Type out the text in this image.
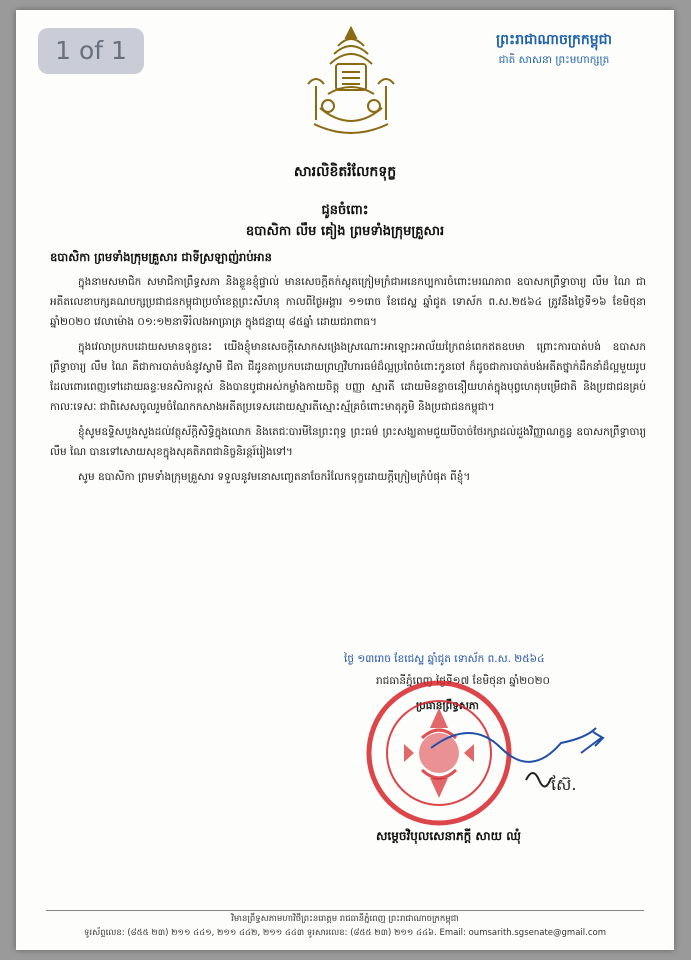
1 of 1	ព្រះរាជាណាចក្រកម្ពុជា
ជាតិ សាសនា ព្រះមហាក្សត្រ
សារលិខិតរំលែកទុក្ខ
ជូនចំពោះ
ឧបាសិកា លឹម គៀង ព្រមទាំងក្រុមគ្រួសារ
ឧបាសិកា ព្រមទាំងក្រុមគ្រួសារ ជាទីស្រឡាញ់រាប់អាន

ក្នុងនាមសមាជិក សមាជិកាព្រឹទ្ធសភា និងខ្លួនខ្ញុំផ្ទាល់ មានសេចក្ដីតក់ស្លុតក្រៀមក្រំជាអនេកប្បការចំពោះមរណភាព ឧបាសកព្រឹទ្ធាចារ្យ លឹម ណៃ ជាអតីតលេខាបក្សគណបក្សប្រជាជនកម្ពុជាប្រចាំខេត្តព្រះសីហនុ កាលពីថ្ងៃអង្គារ ១១រោច ខែជេស្ឋ ឆ្នាំជូត ទោស័ក ព.ស.២៥៦៤ ត្រូវនឹងថ្ងៃទី១៦ ខែមិថុនា ឆ្នាំ២០២០ វេលាម៉ោង ០១:១២នាទីរំលងអាធ្រាត្រ ក្នុងជន្មាយុ ៨៥ឆ្នាំ ដោយជរាពាធ។

ក្នុងវេលាប្រកបដោយសមានទុក្ខនេះ យើងខ្ញុំមានសេចក្ដីសោកសង្រេងស្រណោះអាឡោះអាល័យក្រៃពន់ពេកឥតឧបមា ព្រោះការបាត់បង់ ឧបាសកព្រឹទ្ធាចារ្យ លឹម ណៃ គឺជាការបាត់បង់នូវស្វាមី ជីតា ជីដូនតាប្រកបដោយព្រហ្មវិហារធម៌ដ៏ល្អប្រពៃចំពោះកូនចៅ ក៏ដូចជាការបាត់បង់អតីតថ្នាក់ដឹកនាំដ៏ល្អមួយរូប ដែលពោរពេញទៅដោយឆន្ទៈមនសិការខ្ពស់ និងបានបូជាអស់កម្លាំងកាយចិត្ត បញ្ញា ស្មារតី ដោយមិនខ្លាចនឿយហត់ក្នុងបុព្វហេតុបម្រើជាតិ និងប្រជាជនគ្រប់កាលៈទេសៈ ជាពិសេសចូលរួមចំណែកកសាងអតីតប្រទេសដោយស្មារតីស្មោះស្ម័គ្រចំពោះមាតុភូមិ និងប្រជាជនកម្ពុជា។

ខ្ញុំសូមឧទ្ទិសបួងសួងដល់វត្ថុស័ក្តិសិទ្ធិក្នុងលោក និងតេជៈបារមីនៃព្រះពុទ្ធ ព្រះធម៌ ព្រះសង្ឃតាមជួយបីបាច់ថែរក្សាដល់ដួងវិញ្ញាណក្ខន្ធ ឧបាសកព្រឹទ្ធាចារ្យ លឹម ណៃ បានទៅសោយសុខក្នុងសុគតិភពជានិច្ចនិរន្តរ៍រៀងទៅ។

សូម ឧបាសិកា ព្រមទាំងក្រុមគ្រួសារ ទទួលនូវមនោសញ្ចេតនាចែករំលែកទុក្ខដោយក្ដីក្រៀមក្រំបំផុត ពីខ្ញុំ។

ថ្ងៃ ១៣រោច ខែជេស្ឋ ឆ្នាំជូត ទោស័ក ព.ស. ២៥៦៤
រាជធានីភ្នំពេញ ថ្ងៃទី១៧ ខែមិថុនា ឆ្នាំ២០២០
ប្រធានព្រឹទ្ធសភា
ស៊ែ.
សម្ដេចវិបុលសេនាភក្ដី សាយ ឈុំ
វិមានព្រឹទ្ធសភាមហាវិថីព្រះនរោត្តម រាជធានីភ្នំពេញ ព្រះរាជាណាចក្រកម្ពុជា
ទូរស័ព្ទលេខ: (៨៥៥ ២៣) ២១១ ៤៤១, ២១១ ៤៤២, ២១១ ៤៤៣ ទូរសារលេខ: (៨៥៥ ២៣) ២១១ ៤៤៦. Email: oumsarith.sgsenate@gmail.com
